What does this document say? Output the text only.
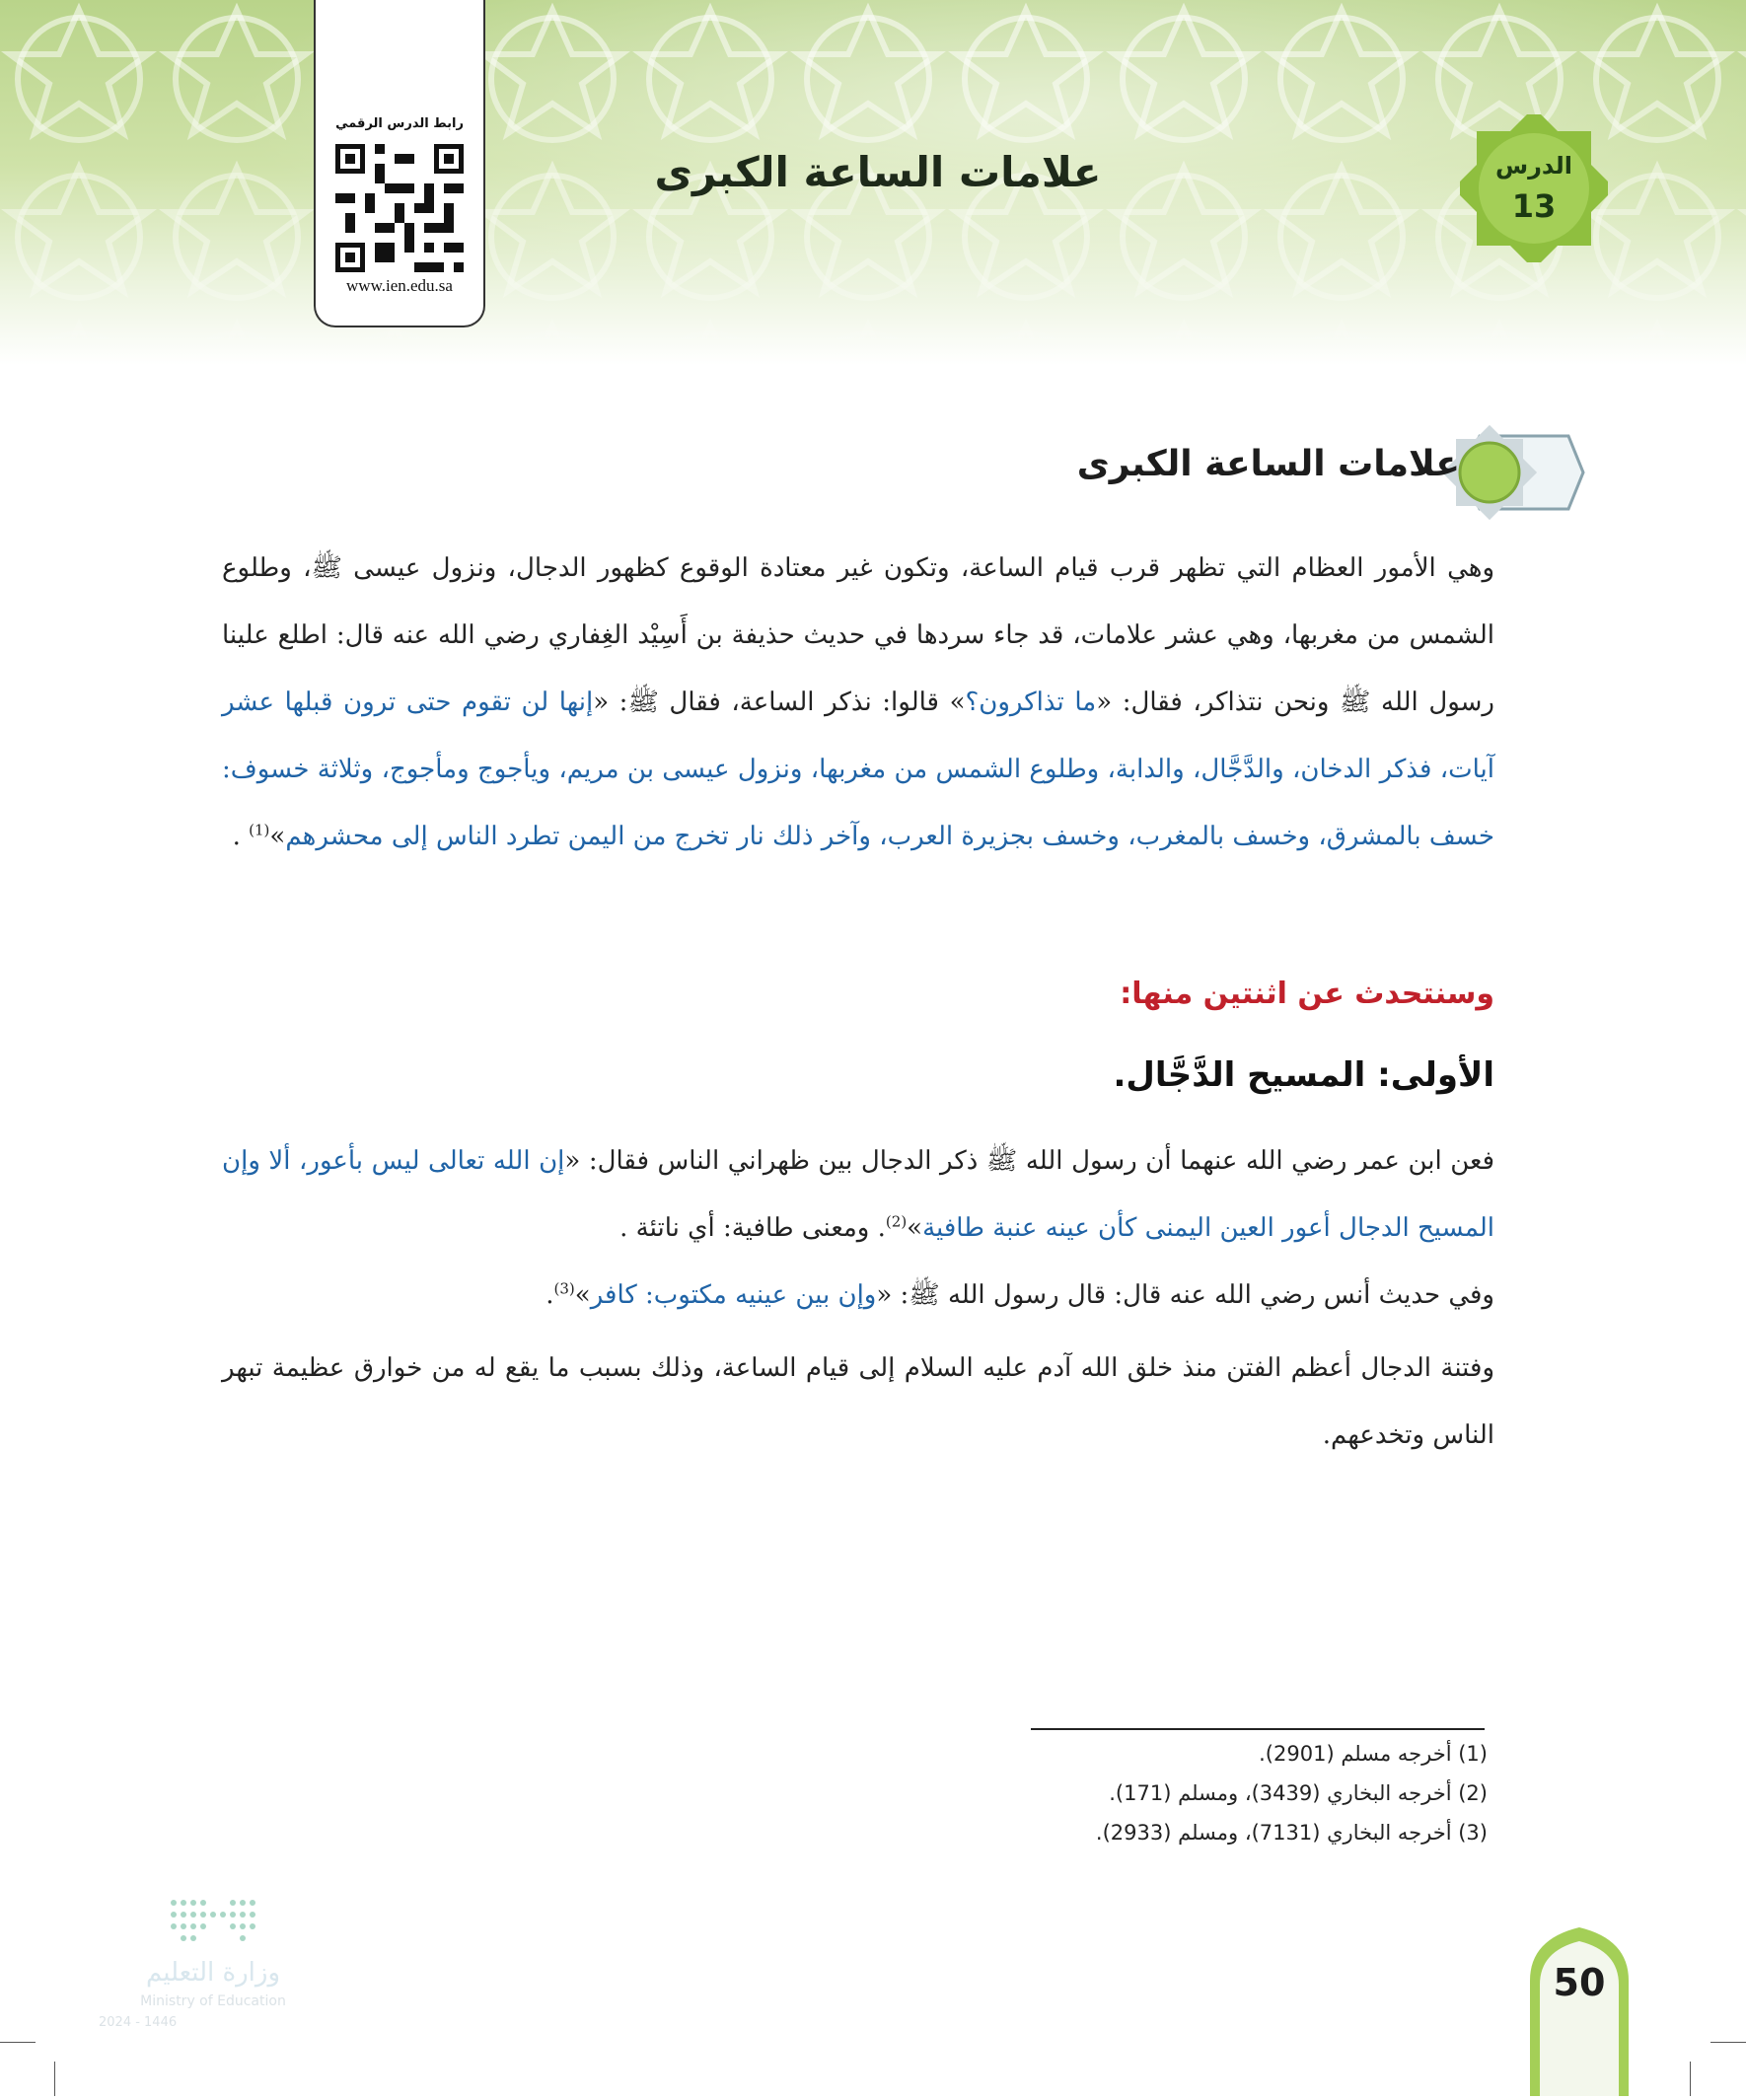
رابط الدرس الرقمي
www.ien.edu.sa
علامات الساعة الكبرى	الدرس
13
علامات الساعة الكبرى
وهي الأمور العظام التي تظهر قرب قيام الساعة، وتكون غير معتادة الوقوع كظهور الدجال، ونزول عيسى ﷺ، وطلوع الشمس من مغربها، وهي عشر علامات، قد جاء سردها في حديث حذيفة بن أَسِيْد الغِفاري رضي الله عنه قال: اطلع علينا رسول الله ﷺ ونحن نتذاكر، فقال: «ما تذاكرون؟» قالوا: نذكر الساعة، فقال ﷺ: «إنها لن تقوم حتى ترون قبلها عشر آيات، فذكر الدخان، والدَّجَّال، والدابة، وطلوع الشمس من مغربها، ونزول عيسى بن مريم، ويأجوج ومأجوج، وثلاثة خسوف: خسف بالمشرق، وخسف بالمغرب، وخسف بجزيرة العرب، وآخر ذلك نار تخرج من اليمن تطرد الناس إلى محشرهم»$^{(1)}$ .
وسنتحدث عن اثنتين منها:
الأولى: المسيح الدَّجَّال.
فعن ابن عمر رضي الله عنهما أن رسول الله ﷺ ذكر الدجال بين ظهراني الناس فقال: «إن الله تعالى ليس بأعور، ألا وإن المسيح الدجال أعور العين اليمنى كأن عينه عنبة طافية»$^{(2)}$. ومعنى طافية: أي ناتئة .
وفي حديث أنس رضي الله عنه قال: قال رسول الله ﷺ: «وإن بين عينيه مكتوب: كافر»$^{(3)}$.
وفتنة الدجال أعظم الفتن منذ خلق الله آدم عليه السلام إلى قيام الساعة، وذلك بسبب ما يقع له من خوارق عظيمة تبهر الناس وتخدعهم.
(1) أخرجه مسلم (2901).
(2) أخرجه البخاري (3439)، ومسلم (171).
(3) أخرجه البخاري (7131)، ومسلم (2933).
وزارة التعليم
Ministry of Education
2024 - 1446
50
